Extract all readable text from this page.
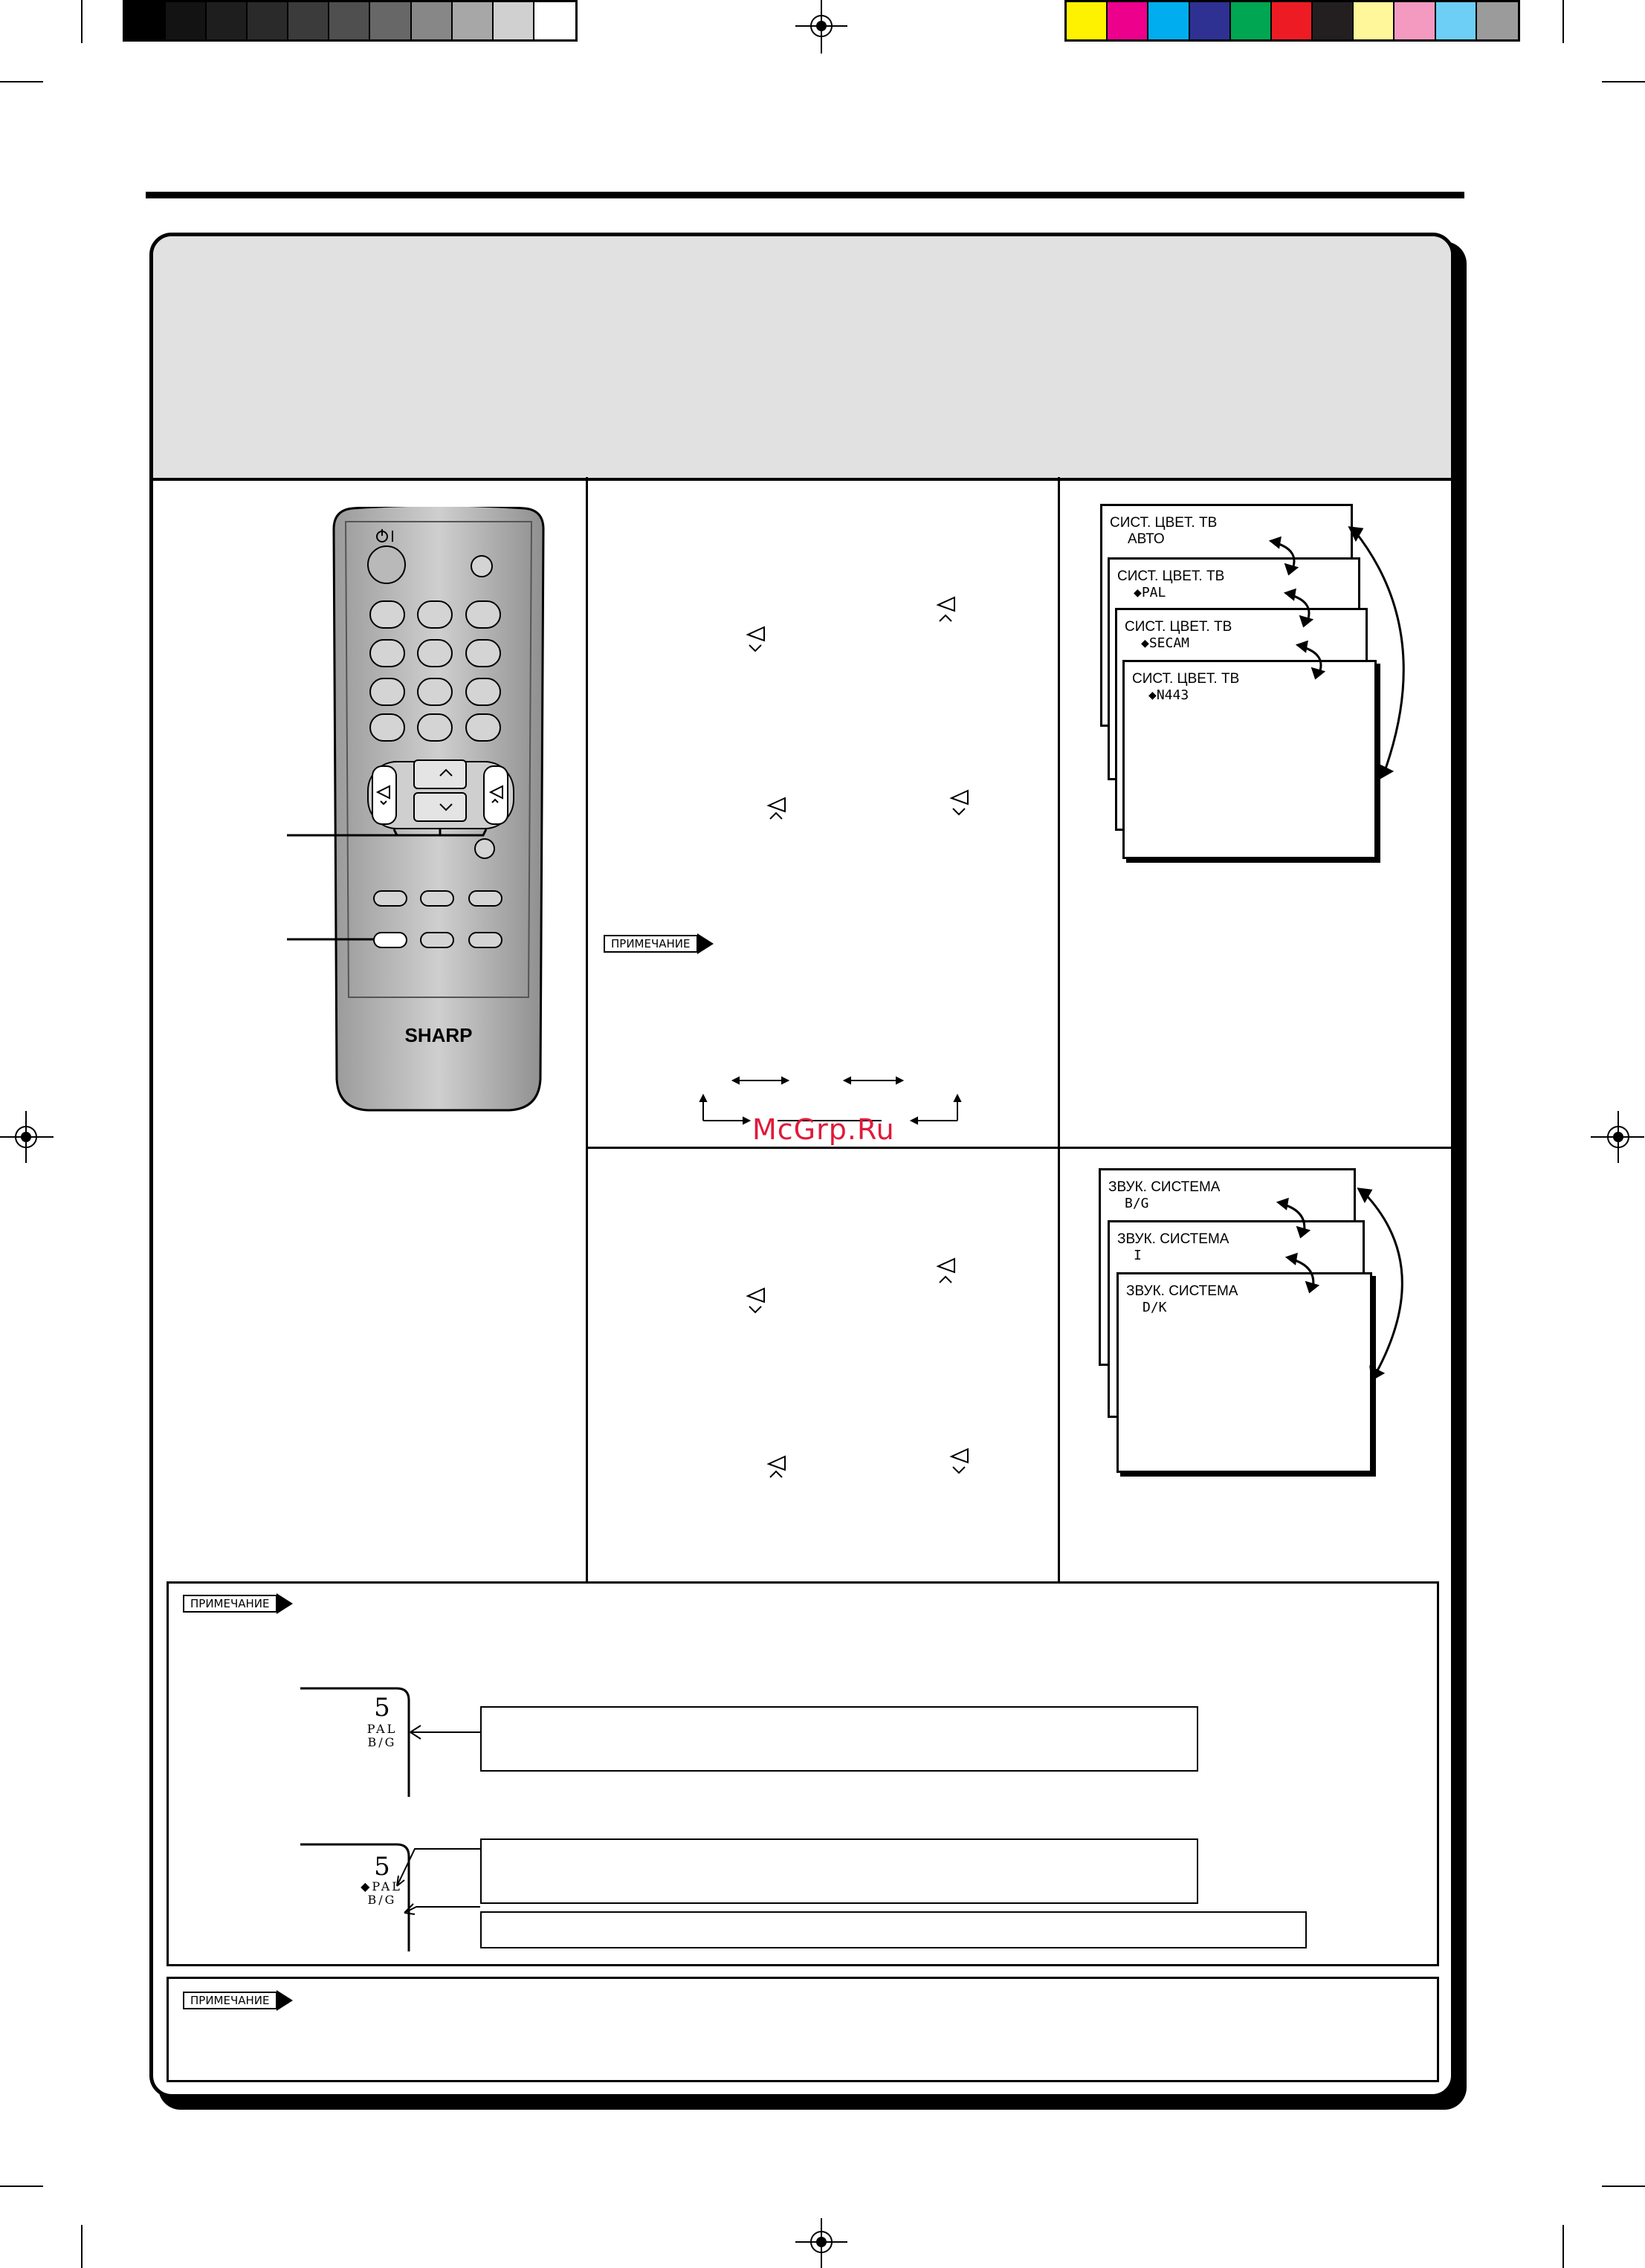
SHARP
ПРИМЕЧАНИЕ
СИСТ. ЦВЕТ. ТВ
АВТО
СИСТ. ЦВЕТ. ТВ
◆PAL
СИСТ. ЦВЕТ. ТВ
◆SECAM
СИСТ. ЦВЕТ. ТВ
◆N443
ЗВУК. СИСТЕМА
B/G
ЗВУК. СИСТЕМА
I
ЗВУК. СИСТЕМА
D/K
McGrp.Ru
ПРИМЕЧАНИЕ
5
PAL
B/G
5
◆PAL
B/G
ПРИМЕЧАНИЕ
